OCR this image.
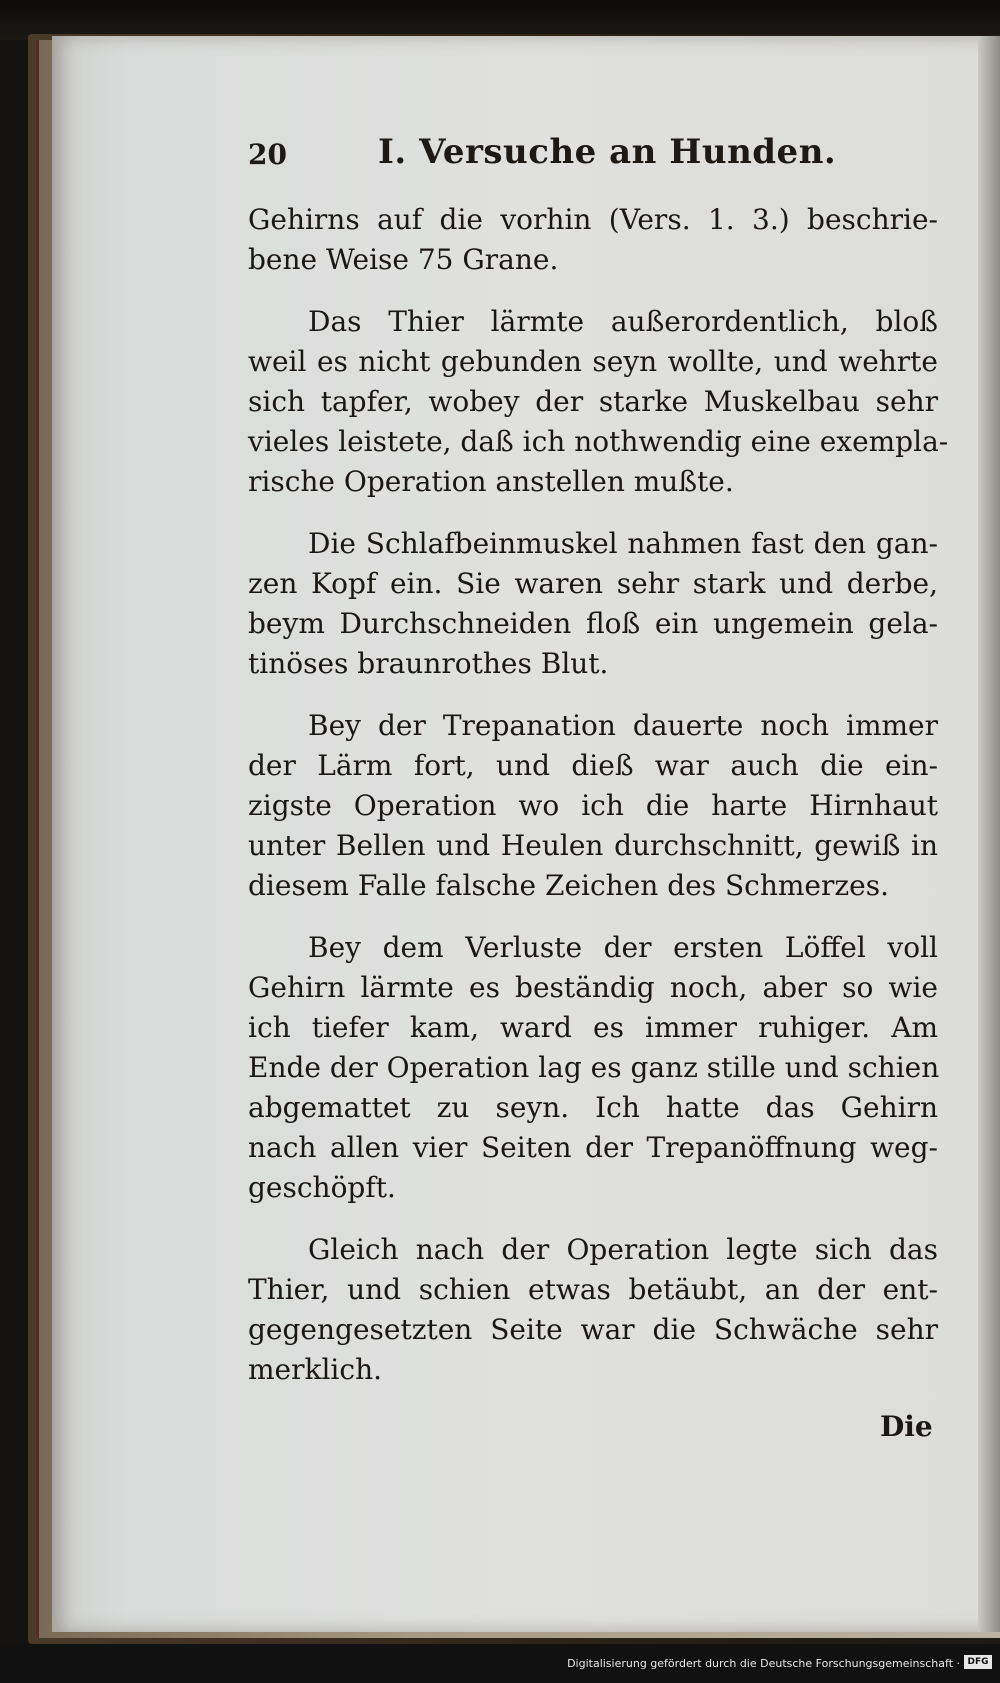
20	I. Versuche an Hunden.
Gehirns auf die vorhin (Vers. 1. 3.) beschrie-
bene Weise 75 Grane.
Das Thier lärmte außerordentlich, bloß
weil es nicht gebunden seyn wollte, und wehrte
sich tapfer, wobey der starke Muskelbau sehr
vieles leistete, daß ich nothwendig eine exempla-
rische Operation anstellen mußte.
Die Schlafbeinmuskel nahmen fast den gan-
zen Kopf ein. Sie waren sehr stark und derbe,
beym Durchschneiden floß ein ungemein gela-
tinöses braunrothes Blut.
Bey der Trepanation dauerte noch immer
der Lärm fort, und dieß war auch die ein-
zigste Operation wo ich die harte Hirnhaut
unter Bellen und Heulen durchschnitt, gewiß in
diesem Falle falsche Zeichen des Schmerzes.
Bey dem Verluste der ersten Löffel voll
Gehirn lärmte es beständig noch, aber so wie
ich tiefer kam, ward es immer ruhiger. Am
Ende der Operation lag es ganz stille und schien
abgemattet zu seyn. Ich hatte das Gehirn
nach allen vier Seiten der Trepanöffnung weg-
geschöpft.
Gleich nach der Operation legte sich das
Thier, und schien etwas betäubt, an der ent-
gegengesetzten Seite war die Schwäche sehr
merklich.
Die
Digitalisierung gefördert durch die Deutsche Forschungsgemeinschaft · DFG
